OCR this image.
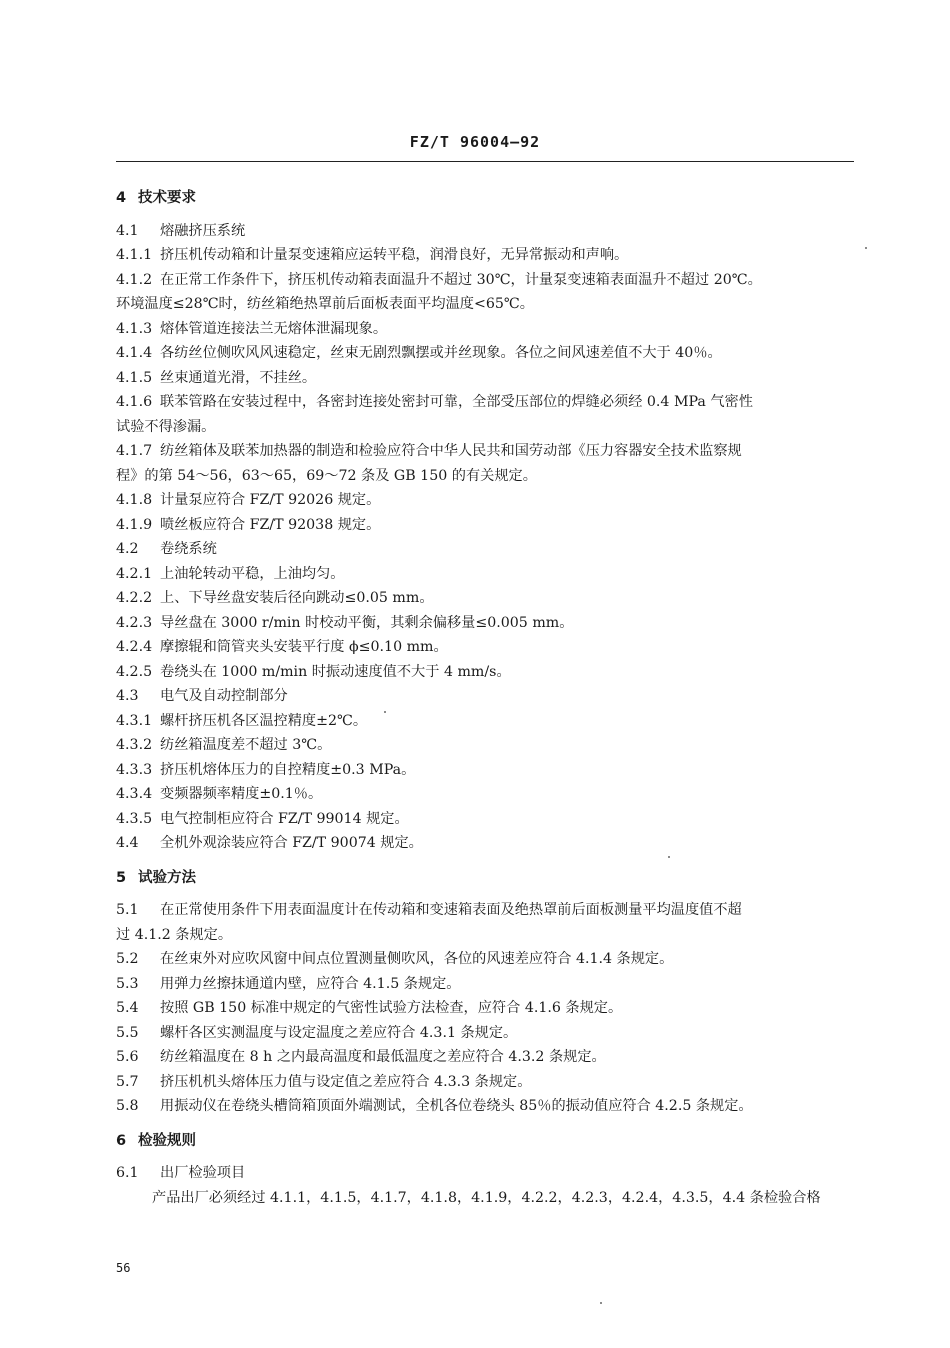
FZ/T 96004—92
4 技术要求
4.1	熔融挤压系统
4.1.1 挤压机传动箱和计量泵变速箱应运转平稳，润滑良好，无异常振动和声响。
4.1.2 在正常工作条件下，挤压机传动箱表面温升不超过 30℃，计量泵变速箱表面温升不超过 20℃。
环境温度≤28℃时，纺丝箱绝热罩前后面板表面平均温度<65℃。
4.1.3 熔体管道连接法兰无熔体泄漏现象。
4.1.4 各纺丝位侧吹风风速稳定，丝束无剧烈飘摆或并丝现象。各位之间风速差值不大于 40％。
4.1.5 丝束通道光滑，不挂丝。
4.1.6 联苯管路在安装过程中，各密封连接处密封可靠，全部受压部位的焊缝必须经 0.4 MPa 气密性
试验不得渗漏。
4.1.7 纺丝箱体及联苯加热器的制造和检验应符合中华人民共和国劳动部《压力容器安全技术监察规
程》的第 54～56，63～65，69～72 条及 GB 150 的有关规定。
4.1.8 计量泵应符合 FZ/T 92026 规定。
4.1.9 喷丝板应符合 FZ/T 92038 规定。
4.2	卷绕系统
4.2.1 上油轮转动平稳，上油均匀。
4.2.2 上、下导丝盘安装后径向跳动≤0.05 mm。
4.2.3 导丝盘在 3000 r/min 时校动平衡，其剩余偏移量≤0.005 mm。
4.2.4 摩擦辊和筒管夹头安装平行度 ϕ≤0.10 mm。
4.2.5 卷绕头在 1000 m/min 时振动速度值不大于 4 mm/s。
4.3	电气及自动控制部分
4.3.1 螺杆挤压机各区温控精度±2℃。
4.3.2 纺丝箱温度差不超过 3℃。
4.3.3 挤压机熔体压力的自控精度±0.3 MPa。
4.3.4 变频器频率精度±0.1％。
4.3.5 电气控制柜应符合 FZ/T 99014 规定。
4.4	全机外观涂装应符合 FZ/T 90074 规定。
5 试验方法
5.1	在正常使用条件下用表面温度计在传动箱和变速箱表面及绝热罩前后面板测量平均温度值不超
过 4.1.2 条规定。
5.2	在丝束外对应吹风窗中间点位置测量侧吹风，各位的风速差应符合 4.1.4 条规定。
5.3	用弹力丝擦抹通道内壁，应符合 4.1.5 条规定。
5.4	按照 GB 150 标准中规定的气密性试验方法检查，应符合 4.1.6 条规定。
5.5	螺杆各区实测温度与设定温度之差应符合 4.3.1 条规定。
5.6	纺丝箱温度在 8 h 之内最高温度和最低温度之差应符合 4.3.2 条规定。
5.7	挤压机机头熔体压力值与设定值之差应符合 4.3.3 条规定。
5.8	用振动仪在卷绕头槽筒箱顶面外端测试，全机各位卷绕头 85％的振动值应符合 4.2.5 条规定。
6 检验规则
6.1	出厂检验项目
产品出厂必须经过 4.1.1，4.1.5，4.1.7，4.1.8，4.1.9，4.2.2，4.2.3，4.2.4，4.3.5，4.4 条检验合格
56
